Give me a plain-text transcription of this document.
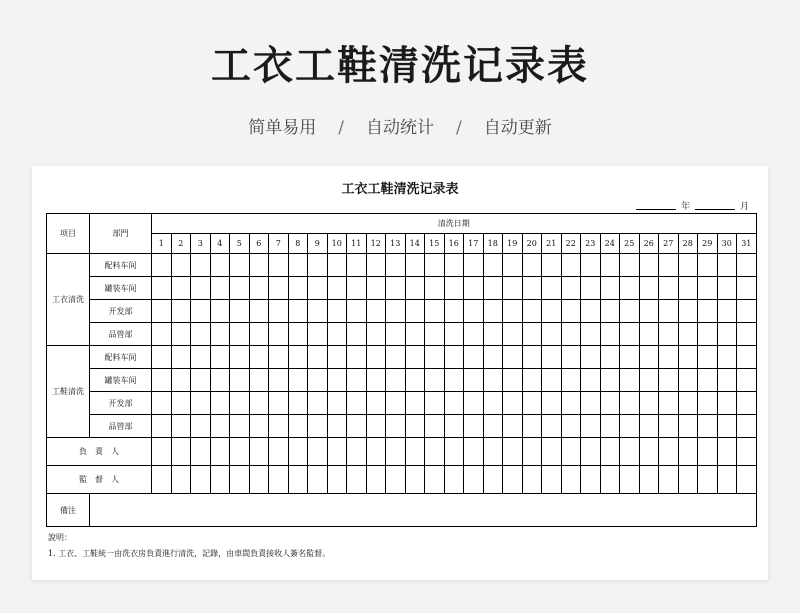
工衣工鞋清洗记录表
简单易用 / 自动统计 / 自动更新
工衣工鞋清洗记录表
年	月
项目	部門	清洗日期																														
		1	2	3	4	5	6	7	8	9	10	11	12	13	14	15	16	17	18	19	20	21	22	23	24	25	26	27	28	29	30	31
工衣清洗	配料车间																															
	罐装车间																															
	开发部																															
	品管部																															
工鞋清洗	配料车间																															
	罐装车间																															
	开发部																															
	品管部																															
負　責　人																																
監　督　人																																
備注																																
說明：
1. 工衣、工鞋統一由洗衣房負責進行清洗，記錄，由車間負責接收人簽名監督。
